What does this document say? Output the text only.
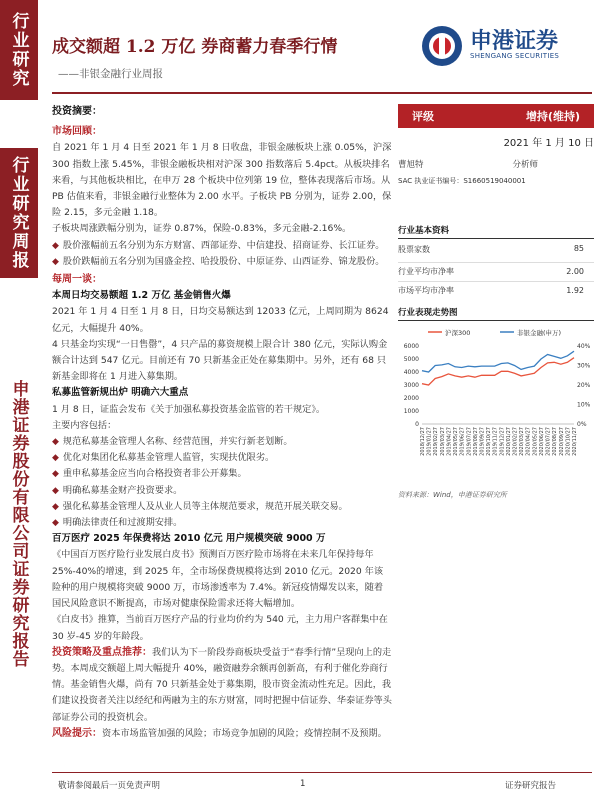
行业研究
行业研究周报
申港证券股份有限公司证券研究报告
成交额超 1.2 万亿 券商蓄力春季行情
——非银金融行业周报
申港证券
SHENGANG SECURITIES
投资摘要：
市场回顾：
自 2021 年 1 月 4 日至 2021 年 1 月 8 日收盘，非银金融板块上涨 0.05%，沪深 300 指数上涨 5.45%，非银金融板块相对沪深 300 指数落后 5.4pct。从板块排名来看，与其他板块相比，在申万 28 个板块中位列第 19 位，整体表现落后市场。从 PB 估值来看，非银金融行业整体为 2.00 水平。子板块 PB 分别为，证券 2.00，保险 2.15，多元金融 1.18。
子板块周涨跌幅分别为，证券 0.87%，保险-0.83%，多元金融-2.16%。
◆ 股价涨幅前五名分别为东方财富、西部证券、中信建投、招商证券、长江证券。
◆ 股价跌幅前五名分别为国盛金控、哈投股份、中原证券、山西证券、锦龙股份。
每周一谈：
本周日均交易额超 1.2 万亿 基金销售火爆
2021 年 1 月 4 日至 1 月 8 日，日均交易额达到 12033 亿元，上周同期为 8624 亿元，大幅提升 40%。
4 只基金均实现“一日售罄”，4 只产品的募资规模上限合计 380 亿元，实际认购金额合计达到 547 亿元。目前还有 70 只新基金正处在募集期中。另外，还有 68 只新基金即将在 1 月进入募集期。
私募监管新规出炉 明确六大重点
1 月 8 日，证监会发布《关于加强私募投资基金监管的若干规定》。
主要内容包括：
◆ 规范私募基金管理人名称、经营范围，并实行新老划断。
◆ 优化对集团化私募基金管理人监管，实现扶优限劣。
◆ 重申私募基金应当向合格投资者非公开募集。
◆ 明确私募基金财产投资要求。
◆ 强化私募基金管理人及从业人员等主体规范要求，规范开展关联交易。
◆ 明确法律责任和过渡期安排。
百万医疗 2025 年保费将达 2010 亿元 用户规模突破 9000 万
《中国百万医疗险行业发展白皮书》预测百万医疗险市场将在未来几年保持每年 25%-40%的增速，到 2025 年，全市场保费规模将达到 2010 亿元。2020 年该险种的用户规模将突破 9000 万，市场渗透率为 7.4%。新冠疫情爆发以来，随着国民风险意识不断提高，市场对健康保险需求还将大幅增加。
《白皮书》推算，当前百万医疗产品的行业均价约为 540 元，主力用户客群集中在 30 岁-45 岁的年龄段。
投资策略及重点推荐：我们认为下一阶段券商板块受益于“春季行情”呈现向上的走势。本周成交额超上周大幅提升 40%，融资融券余额再创新高，有利于催化券商行情。基金销售火爆，尚有 70 只新基金处于募集期，股市资金流动性充足。因此，我们建议投资者关注以经纪和两融为主的东方财富，同时把握中信证券、华泰证券等头部证券公司的投资机会。
风险提示：资本市场监管加强的风险；市场竞争加剧的风险；疫情控制不及预期。
评级	增持(维持)
2021 年 1 月 10 日
曹旭特	分析师
SAC 执业证书编号：S1660519040001
行业基本资料
股票家数	85
行业平均市净率	2.00
市场平均市净率	1.92
行业表现走势图
沪深300	非银金融(申万)
0
1000
2000
3000
4000
5000
6000
0%
10%
20%
30%
40%
2018/12/27 2019/01/27 2019/02/27 2019/03/27 2019/04/27 2019/05/27 2019/06/27 2019/07/27 2019/08/27 2019/09/27 2019/10/27 2019/11/27 2019/12/27 2020/01/27 2020/02/27 2020/03/27 2020/04/27 2020/05/27 2020/06/27 2020/07/27 2020/08/27 2020/09/27 2020/10/27 2020/11/27
资料来源：Wind，申港证券研究所
敬请参阅最后一页免责声明	1	证券研究报告
